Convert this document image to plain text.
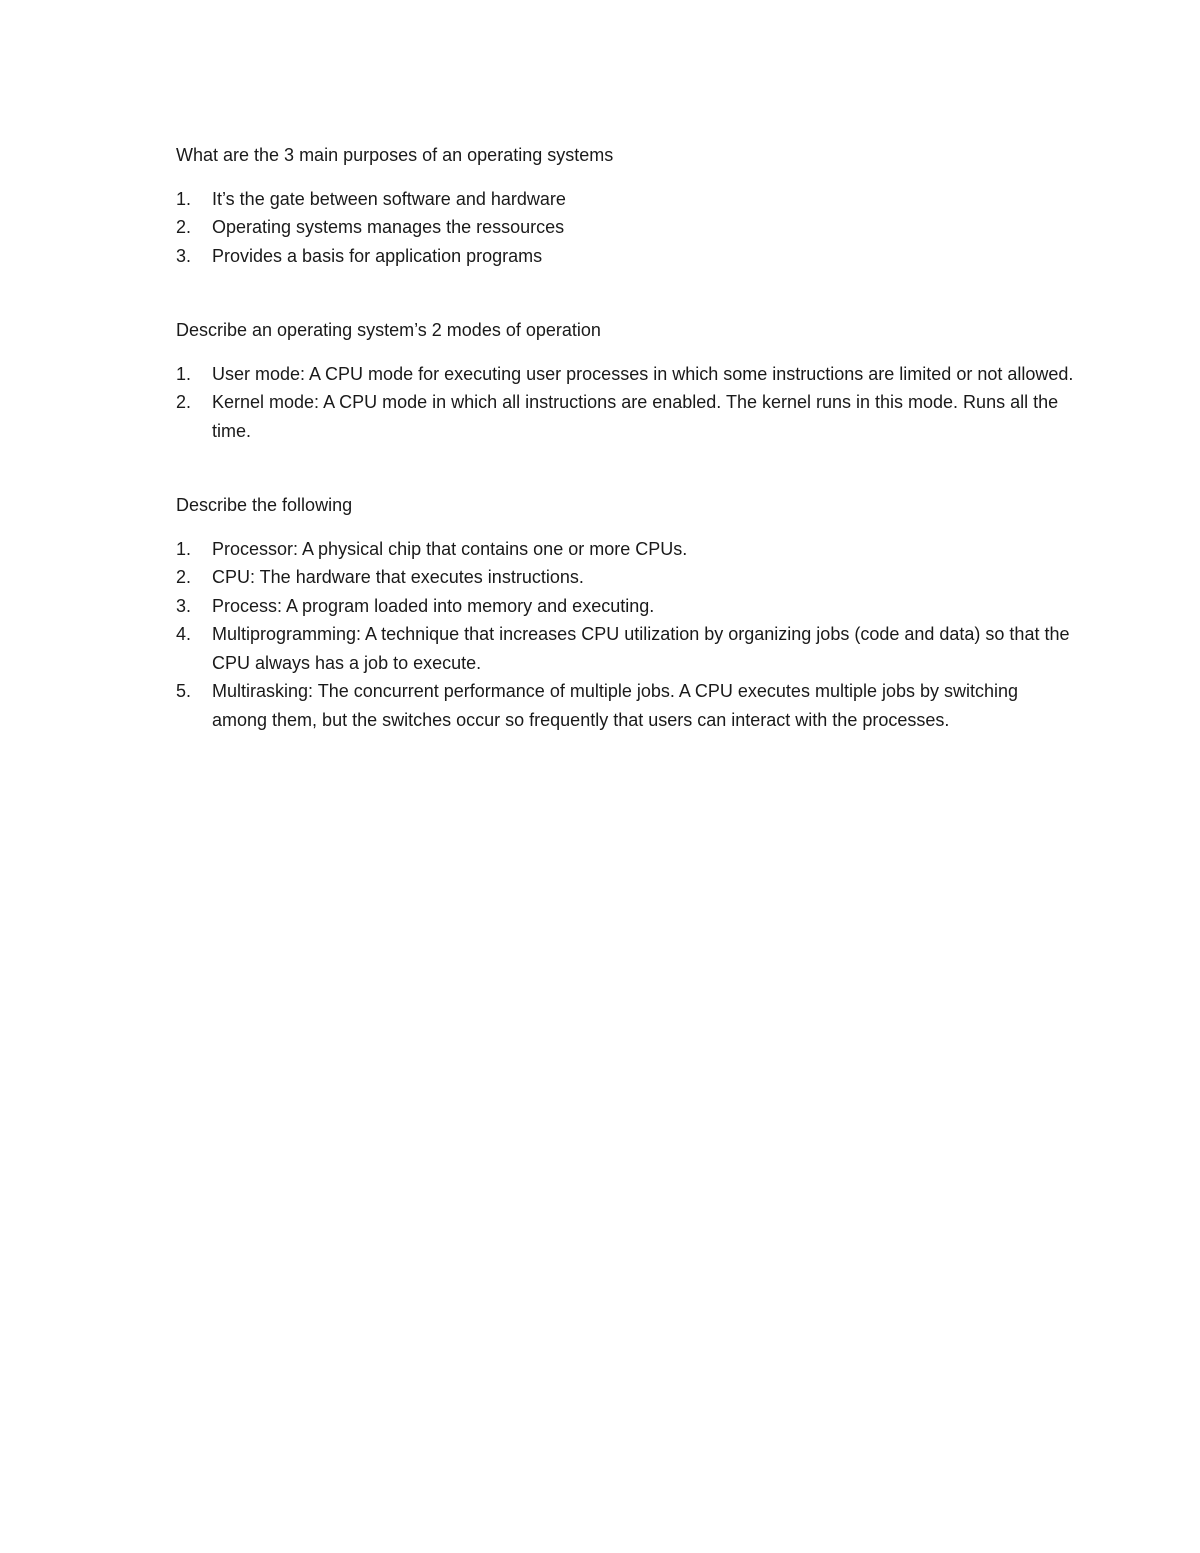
What are the 3 main purposes of an operating systems

1. It’s the gate between software and hardware
2. Operating systems manages the ressources
3. Provides a basis for application programs

Describe an operating system’s 2 modes of operation

1. User mode: A CPU mode for executing user processes in which some instructions are limited or not allowed.
2. Kernel mode: A CPU mode in which all instructions are enabled. The kernel runs in this mode. Runs all the time.

Describe the following

1. Processor: A physical chip that contains one or more CPUs.
2. CPU: The hardware that executes instructions.
3. Process: A program loaded into memory and executing.
4. Multiprogramming: A technique that increases CPU utilization by organizing jobs (code and data) so that the CPU always has a job to execute.
5. Multirasking: The concurrent performance of multiple jobs. A CPU executes multiple jobs by switching among them, but the switches occur so frequently that users can interact with the processes.
